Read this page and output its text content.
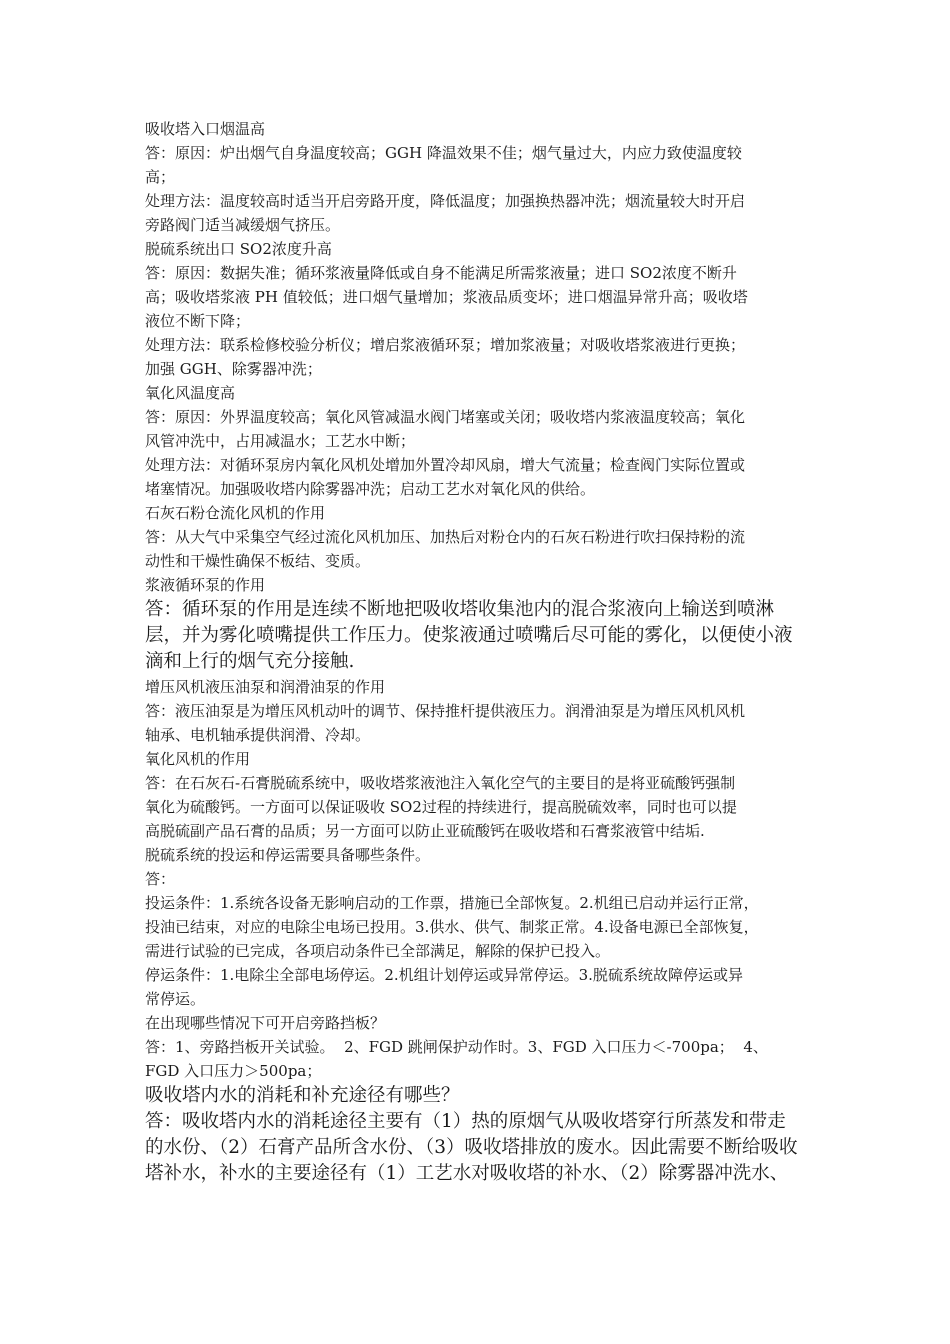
吸收塔入口烟温高
答：原因：炉出烟气自身温度较高；GGH 降温效果不佳；烟气量过大，内应力致使温度较
高；
处理方法：温度较高时适当开启旁路开度，降低温度；加强换热器冲洗；烟流量较大时开启
旁路阀门适当减缓烟气挤压。
脱硫系统出口 SO2浓度升高
答：原因：数据失准；循环浆液量降低或自身不能满足所需浆液量；进口 SO2浓度不断升
高；吸收塔浆液 PH 值较低；进口烟气量增加；浆液品质变坏；进口烟温异常升高；吸收塔
液位不断下降；
处理方法：联系检修校验分析仪；增启浆液循环泵；增加浆液量；对吸收塔浆液进行更换；
加强 GGH、除雾器冲洗；
氧化风温度高
答：原因：外界温度较高；氧化风管减温水阀门堵塞或关闭；吸收塔内浆液温度较高；氧化
风管冲洗中，占用减温水；工艺水中断；
处理方法：对循环泵房内氧化风机处增加外置冷却风扇，增大气流量；检查阀门实际位置或
堵塞情况。加强吸收塔内除雾器冲洗；启动工艺水对氧化风的供给。
石灰石粉仓流化风机的作用
答：从大气中采集空气经过流化风机加压、加热后对粉仓内的石灰石粉进行吹扫保持粉的流
动性和干燥性确保不板结、变质。
浆液循环泵的作用
答：循环泵的作用是连续不断地把吸收塔收集池内的混合浆液向上输送到喷淋
层，并为雾化喷嘴提供工作压力。使浆液通过喷嘴后尽可能的雾化，以便使小液
滴和上行的烟气充分接触.
增压风机液压油泵和润滑油泵的作用
答：液压油泵是为增压风机动叶的调节、保持推杆提供液压力。润滑油泵是为增压风机风机
轴承、电机轴承提供润滑、冷却。
氧化风机的作用
答：在石灰石-石膏脱硫系统中，吸收塔浆液池注入氧化空气的主要目的是将亚硫酸钙强制
氧化为硫酸钙。一方面可以保证吸收 SO2过程的持续进行，提高脱硫效率，同时也可以提
高脱硫副产品石膏的品质；另一方面可以防止亚硫酸钙在吸收塔和石膏浆液管中结垢.
脱硫系统的投运和停运需要具备哪些条件。
答：
投运条件：1.系统各设备无影响启动的工作票，措施已全部恢复。2.机组已启动并运行正常，
投油已结束，对应的电除尘电场已投用。3.供水、供气、制浆正常。4.设备电源已全部恢复，
需进行试验的已完成，各项启动条件已全部满足，解除的保护已投入。
停运条件：1.电除尘全部电场停运。2.机组计划停运或异常停运。3.脱硫系统故障停运或异
常停运。
在出现哪些情况下可开启旁路挡板？
答：1、旁路挡板开关试验。  2、FGD 跳闸保护动作时。3、FGD 入口压力＜-700pa；  4、
FGD 入口压力＞500pa；
吸收塔内水的消耗和补充途径有哪些？
答：吸收塔内水的消耗途径主要有（1）热的原烟气从吸收塔穿行所蒸发和带走
的水份、（2）石膏产品所含水份、（3）吸收塔排放的废水。因此需要不断给吸收
塔补水，补水的主要途径有（1）工艺水对吸收塔的补水、（2）除雾器冲洗水、
